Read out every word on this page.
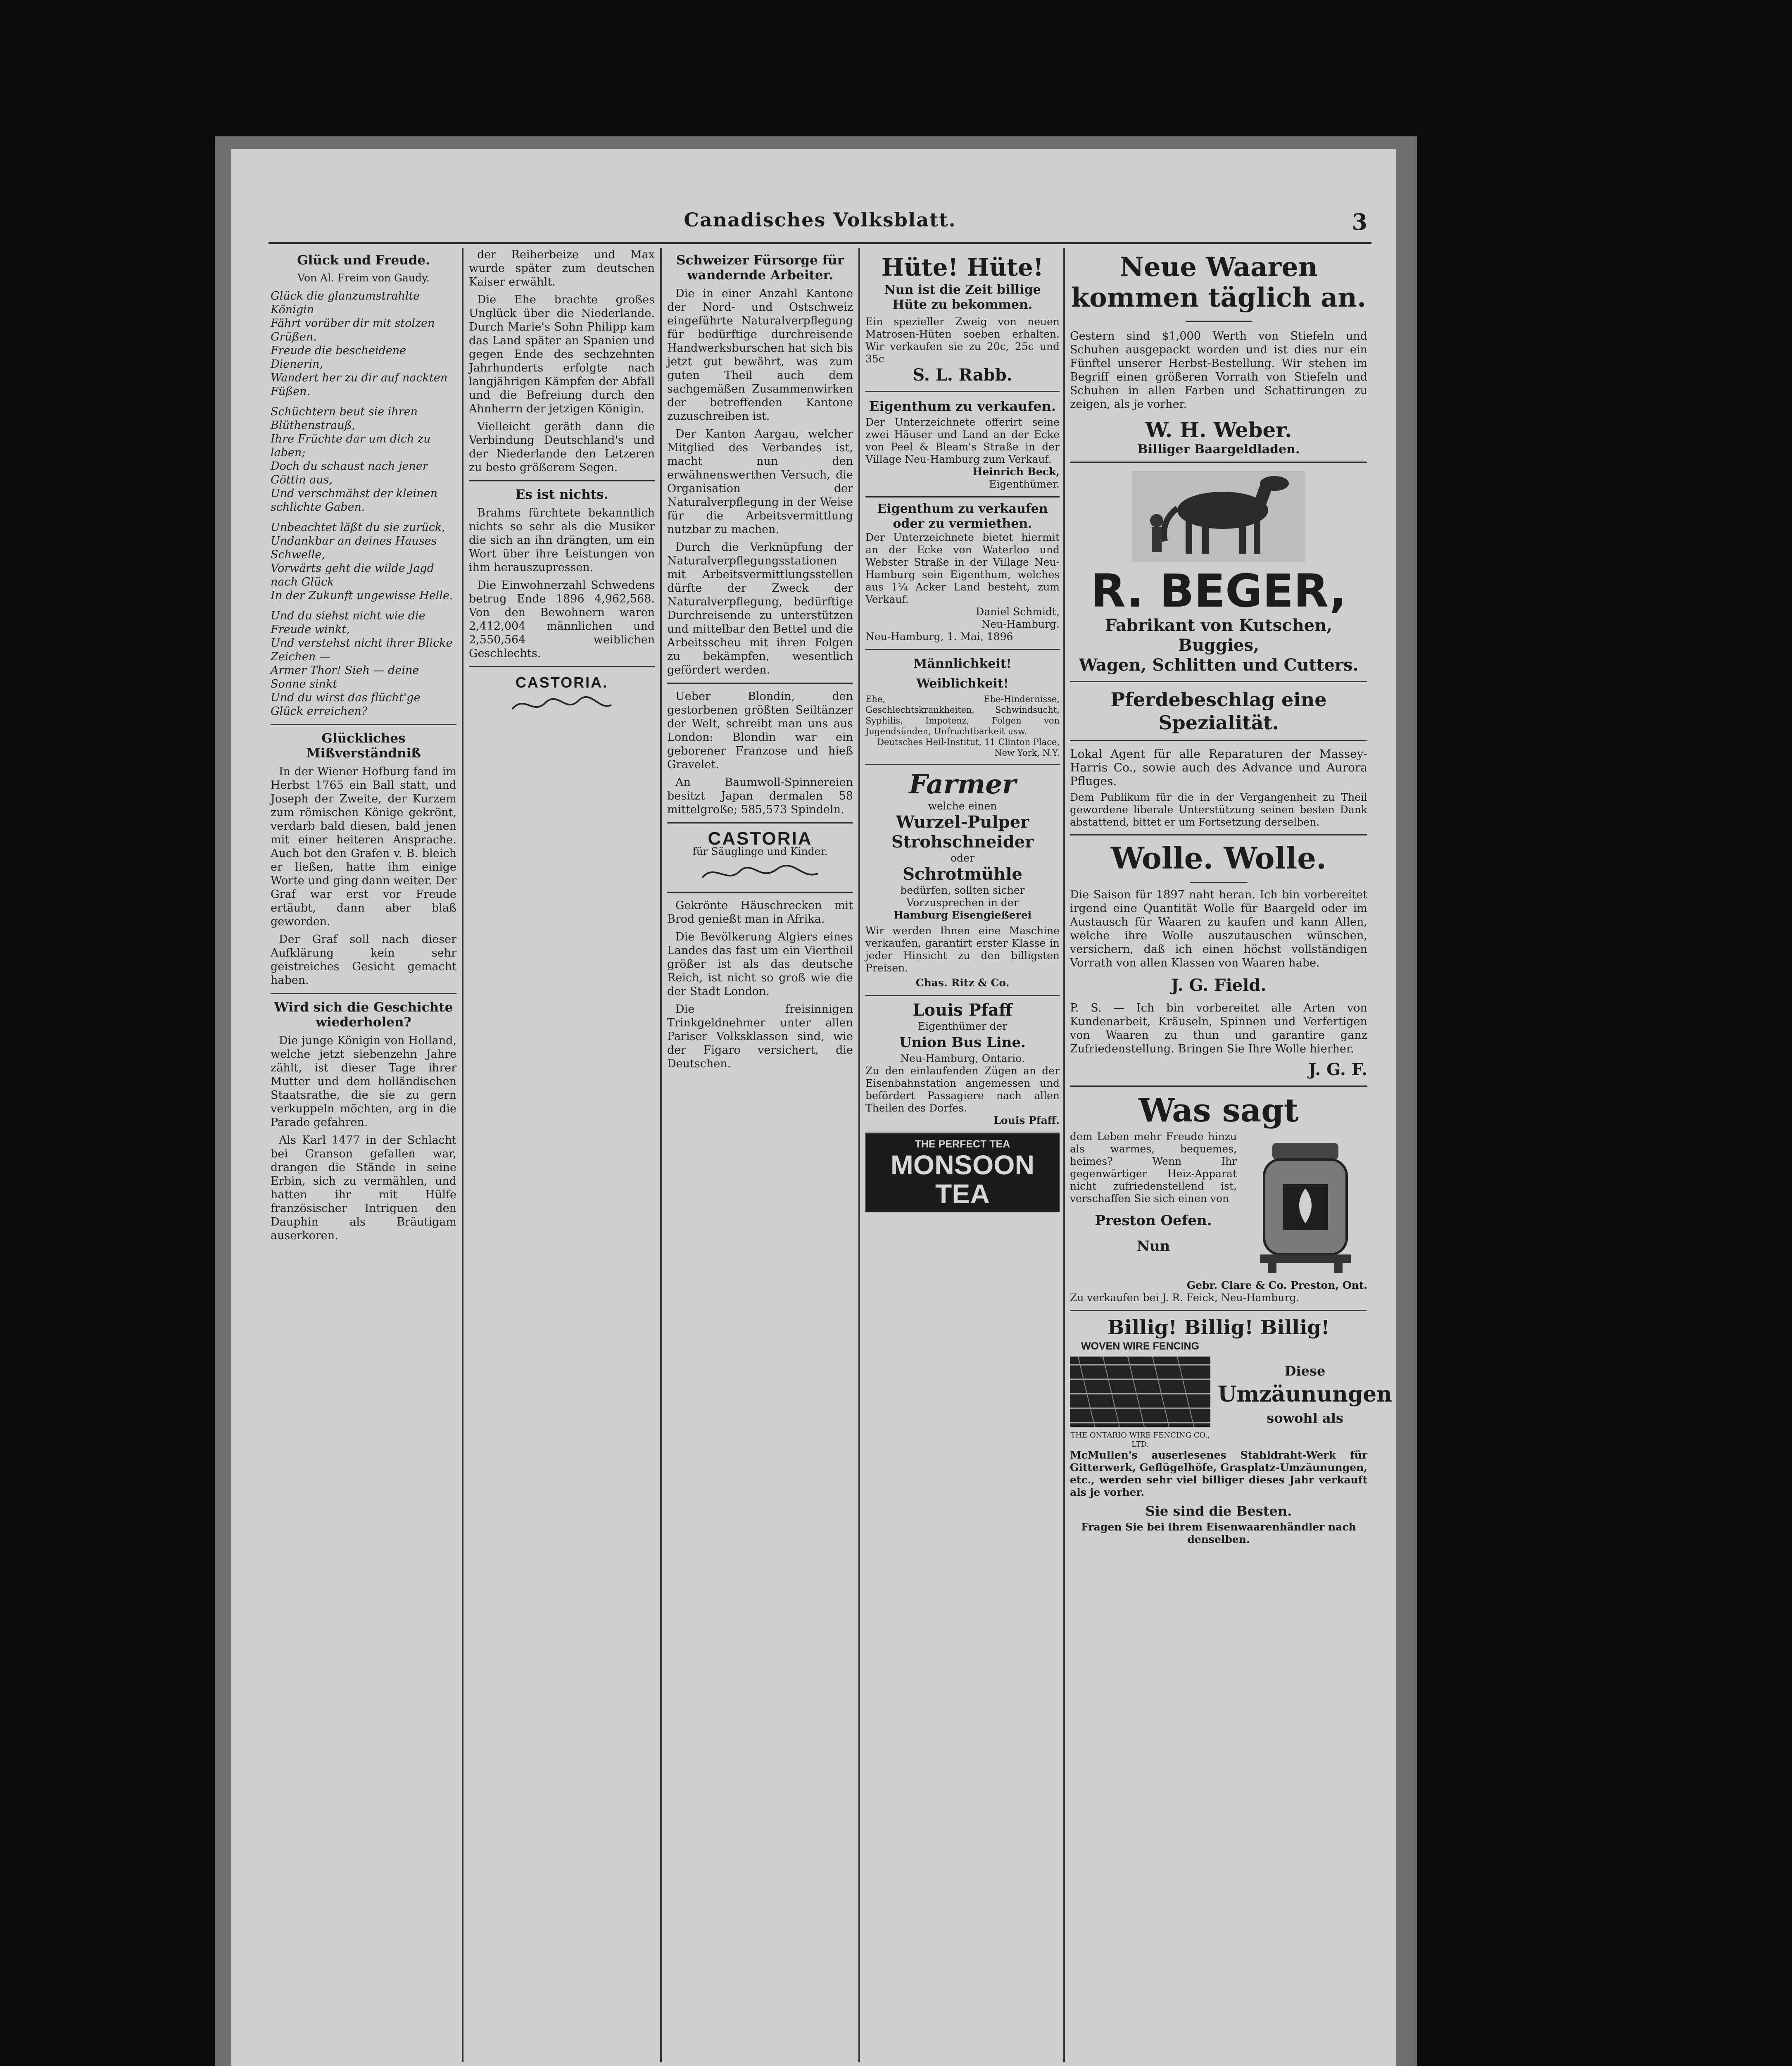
Canadisches Volksblatt.	3
Glück und Freude.
Von Al. Freim von Gaudy.
Glück die glanzumstrahlte Königin
Fährt vorüber dir mit stolzen Grüßen.
Freude die bescheidene Dienerin,
Wandert her zu dir auf nackten Füßen.
Schüchtern beut sie ihren Blüthenstrauß,
Ihre Früchte dar um dich zu laben;
Doch du schaust nach jener Göttin aus,
Und verschmähst der kleinen schlichte Gaben.
Unbeachtet läßt du sie zurück,
Undankbar an deines Hauses Schwelle,
Vorwärts geht die wilde Jagd nach Glück
In der Zukunft ungewisse Helle.
Und du siehst nicht wie die Freude winkt,
Und verstehst nicht ihrer Blicke Zeichen —
Armer Thor! Sieh — deine Sonne sinkt
Und du wirst das flücht'ge Glück erreichen?
Glückliches Mißverständniß

In der Wiener Hofburg fand im Herbst 1765 ein Ball statt, und Joseph der Zweite, der Kurzem zum römischen Könige gekrönt, verdarb bald diesen, bald jenen mit einer heiteren Ansprache. Auch bot den Grafen v. B. bleich er ließen, hatte ihm einige Worte und ging dann weiter. Der Graf war erst vor Freude ertäubt, dann aber blaß geworden.

Der Graf soll nach dieser Aufklärung kein sehr geistreiches Gesicht gemacht haben.

Wird sich die Geschichte wiederholen?

Die junge Königin von Holland, welche jetzt siebenzehn Jahre zählt, ist dieser Tage ihrer Mutter und dem holländischen Staatsrathe, die sie zu gern verkuppeln möchten, arg in die Parade gefahren.

Als Karl 1477 in der Schlacht bei Granson gefallen war, drangen die Stände in seine Erbin, sich zu vermählen, und hatten ihr mit Hülfe französischer Intriguen den Dauphin als Bräutigam auserkoren.

der Reiherbeize und Max wurde später zum deutschen Kaiser erwählt.

Die Ehe brachte großes Unglück über die Niederlande. Durch Marie's Sohn Philipp kam das Land später an Spanien und gegen Ende des sechzehnten Jahrhunderts erfolgte nach langjährigen Kämpfen der Abfall und die Befreiung durch den Ahnherrn der jetzigen Königin.

Vielleicht geräth dann die Verbindung Deutschland's und der Niederlande den Letzeren zu besto größerem Segen.

Es ist nichts.

Brahms fürchtete bekanntlich nichts so sehr als die Musiker die sich an ihn drängten, um ein Wort über ihre Leistungen von ihm herauszupressen.

Die Einwohnerzahl Schwedens betrug Ende 1896 4,962,568. Von den Bewohnern waren 2,412,004 männlichen und 2,550,564 weiblichen Geschlechts.

CASTORIA.
Schweizer Fürsorge für wandernde Arbeiter.

Die in einer Anzahl Kantone der Nord- und Ostschweiz eingeführte Naturalverpflegung für bedürftige durchreisende Handwerksburschen hat sich bis jetzt gut bewährt, was zum guten Theil auch dem sachgemäßen Zusammenwirken der betreffenden Kantone zuzuschreiben ist.

Der Kanton Aargau, welcher Mitglied des Verbandes ist, macht nun den erwähnenswerthen Versuch, die Organisation der Naturalverpflegung in der Weise für die Arbeitsvermittlung nutzbar zu machen.

Durch die Verknüpfung der Naturalverpflegungsstationen mit Arbeitsvermittlungsstellen dürfte der Zweck der Naturalverpflegung, bedürftige Durchreisende zu unterstützen und mittelbar den Bettel und die Arbeitsscheu mit ihren Folgen zu bekämpfen, wesentlich gefördert werden.

Ueber Blondin, den gestorbenen größten Seiltänzer der Welt, schreibt man uns aus London: Blondin war ein geborener Franzose und hieß Gravelet.

An Baumwoll-Spinnereien besitzt Japan dermalen 58 mittelgroße; 585,573 Spindeln.

CASTORIA
für Säuglinge und Kinder.

Gekrönte Häuschrecken mit Brod genießt man in Afrika.

Die Bevölkerung Algiers eines Landes das fast um ein Viertheil größer ist als das deutsche Reich, ist nicht so groß wie die der Stadt London.

Die freisinnigen Trinkgeldnehmer unter allen Pariser Volksklassen sind, wie der Figaro versichert, die Deutschen.

Hüte! Hüte!
Nun ist die Zeit billige Hüte zu bekommen.
Ein spezieller Zweig von neuen Matrosen-Hüten soeben erhalten. Wir verkaufen sie zu 20c, 25c und 35c
S. L. Rabb.
Eigenthum zu verkaufen.
Der Unterzeichnete offerirt seine zwei Häuser und Land an der Ecke von Peel & Bleam's Straße in der Village Neu-Hamburg zum Verkauf.
Heinrich Beck,
Eigenthümer.
Eigenthum zu verkaufen oder zu vermiethen.
Der Unterzeichnete bietet hiermit an der Ecke von Waterloo und Webster Straße in der Village Neu-Hamburg sein Eigenthum, welches aus 1¼ Acker Land besteht, zum Verkauf.
Daniel Schmidt,
Neu-Hamburg.
Neu-Hamburg, 1. Mai, 1896
Männlichkeit! Weiblichkeit!
Ehe, Ehe-Hindernisse, Geschlechtskrankheiten, Schwindsucht, Syphilis, Impotenz, Folgen von Jugendsünden, Unfruchtbarkeit usw.
Deutsches Heil-Institut, 11 Clinton Place, New York, N.Y.
Farmer
welche einen
Wurzel-Pulper
Strohschneider
oder
Schrotmühle
bedürfen, sollten sicher Vorzusprechen in der
Hamburg Eisengießerei
Wir werden Ihnen eine Maschine verkaufen, garantirt erster Klasse in jeder Hinsicht zu den billigsten Preisen.
Chas. Ritz & Co.
Louis Pfaff
Eigenthümer der
Union Bus Line.
Neu-Hamburg, Ontario.
Zu den einlaufenden Zügen an der Eisenbahnstation angemessen und befördert Passagiere nach allen Theilen des Dorfes.
Louis Pfaff.
THE PERFECT TEA
MONSOON
TEA
Neue Waaren
kommen täglich an.
Gestern sind $1,000 Werth von Stiefeln und Schuhen ausgepackt worden und ist dies nur ein Fünftel unserer Herbst-Bestellung. Wir stehen im Begriff einen größeren Vorrath von Stiefeln und Schuhen in allen Farben und Schattirungen zu zeigen, als je vorher.
W. H. Weber.
Billiger Baargeldladen.
R. BEGER,
Fabrikant von Kutschen, Buggies,
Wagen, Schlitten und Cutters.
Pferdebeschlag eine Spezialität.
Lokal Agent für alle Reparaturen der Massey-Harris Co., sowie auch des Advance und Aurora Pfluges.
Dem Publikum für die in der Vergangenheit zu Theil gewordene liberale Unterstützung seinen besten Dank abstattend, bittet er um Fortsetzung derselben.
Wolle. Wolle.
Die Saison für 1897 naht heran. Ich bin vorbereitet irgend eine Quantität Wolle für Baargeld oder im Austausch für Waaren zu kaufen und kann Allen, welche ihre Wolle auszutauschen wünschen, versichern, daß ich einen höchst vollständigen Vorrath von allen Klassen von Waaren habe.
J. G. Field.
P. S. — Ich bin vorbereitet alle Arten von Kundenarbeit, Kräuseln, Spinnen und Verfertigen von Waaren zu thun und garantire ganz Zufriedenstellung. Bringen Sie Ihre Wolle hierher.
J. G. F.
Was sagt
dem Leben mehr Freude hinzu als warmes, bequemes, heimes? Wenn Ihr gegenwärtiger Heiz-Apparat nicht zufriedenstellend ist, verschaffen Sie sich einen von
Preston Oefen.
Nun
Gebr. Clare & Co. Preston, Ont.
Zu verkaufen bei J. R. Feick, Neu-Hamburg.
Billig! Billig! Billig!
WOVEN WIRE FENCING
THE ONTARIO WIRE FENCING CO., LTD.
Diese
Umzäunungen
sowohl als
McMullen's auserlesenes Stahldraht-Werk für Gitterwerk, Geflügelhöfe, Grasplatz-Umzäunungen, etc., werden sehr viel billiger dieses Jahr verkauft als je vorher.
Sie sind die Besten.
Fragen Sie bei ihrem Eisenwaarenhändler nach denselben.
